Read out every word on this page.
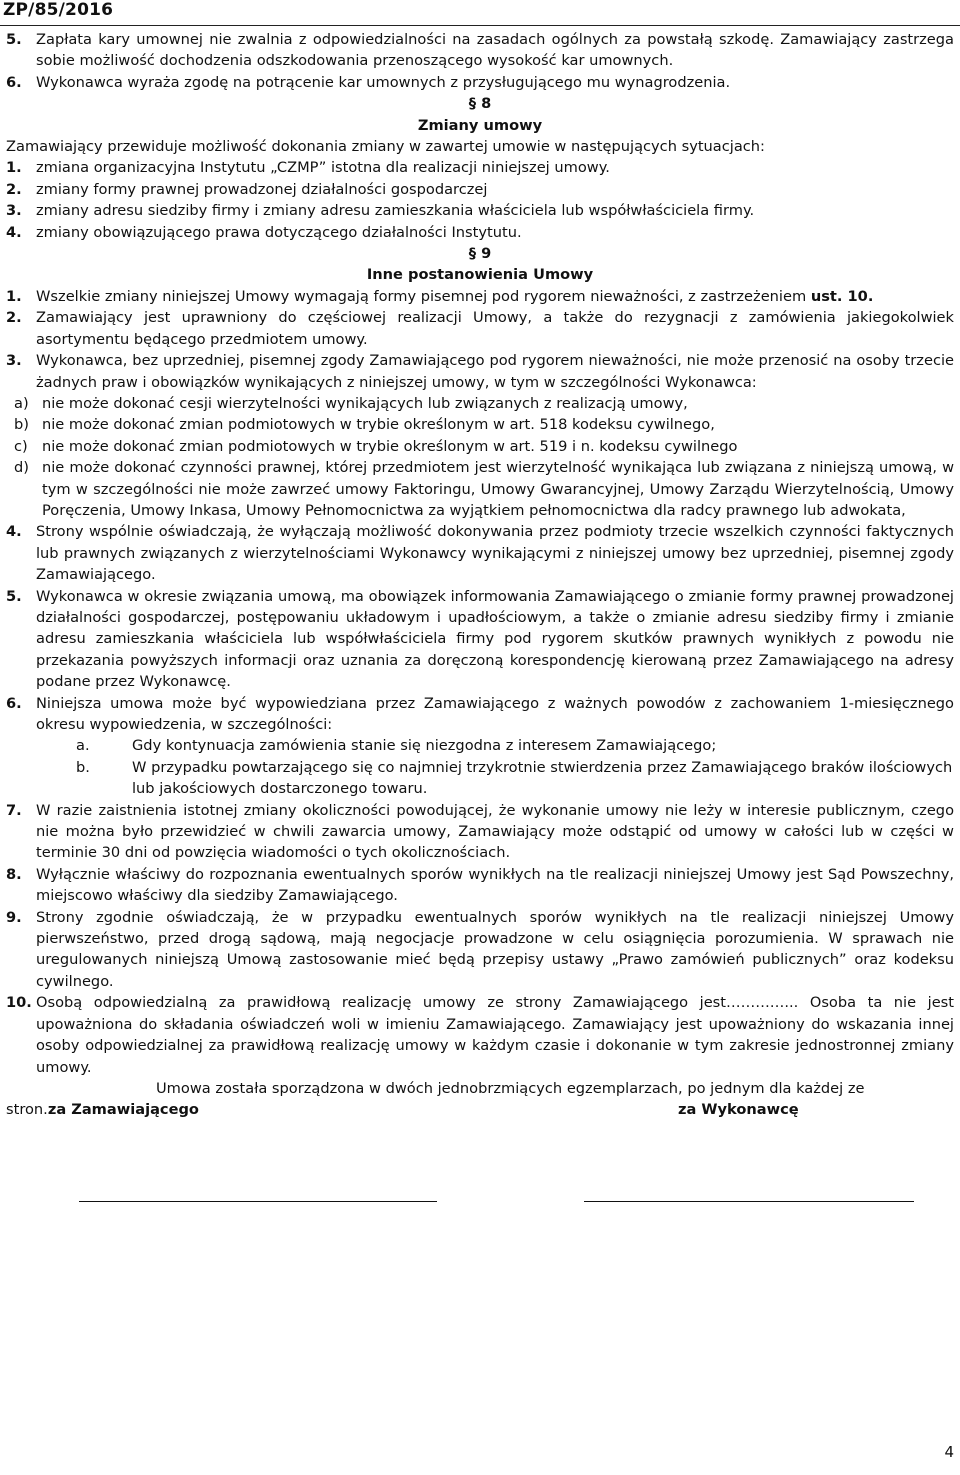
ZP/85/2016
5. Zapłata kary umownej nie zwalnia z odpowiedzialności na zasadach ogólnych za powstałą szkodę. Zamawiający zastrzega sobie możliwość dochodzenia odszkodowania przenoszącego wysokość kar umownych.
6. Wykonawca wyraża zgodę na potrącenie kar umownych z przysługującego mu wynagrodzenia.
§ 8
Zmiany umowy
Zamawiający przewiduje możliwość dokonania zmiany w zawartej umowie w następujących sytuacjach:
1. zmiana organizacyjna Instytutu „CZMP” istotna dla realizacji niniejszej umowy.
2. zmiany formy prawnej prowadzonej działalności gospodarczej
3. zmiany adresu siedziby firmy i zmiany adresu zamieszkania właściciela lub współwłaściciela firmy.
4. zmiany obowiązującego prawa dotyczącego działalności Instytutu.
§ 9
Inne postanowienia Umowy
1. Wszelkie zmiany niniejszej Umowy wymagają formy pisemnej pod rygorem nieważności, z zastrzeżeniem ust. 10.
2. Zamawiający jest uprawniony do częściowej realizacji Umowy, a także do rezygnacji z zamówienia jakiegokolwiek asortymentu będącego przedmiotem umowy.
3. Wykonawca, bez uprzedniej, pisemnej zgody Zamawiającego pod rygorem nieważności, nie może przenosić na osoby trzecie żadnych praw i obowiązków wynikających z niniejszej umowy, w tym w szczególności Wykonawca:
a) nie może dokonać cesji wierzytelności wynikających lub związanych z realizacją umowy,
b) nie może dokonać zmian podmiotowych w trybie określonym w art. 518 kodeksu cywilnego,
c) nie może dokonać zmian podmiotowych w trybie określonym w art. 519 i n. kodeksu cywilnego
d) nie może dokonać czynności prawnej, której przedmiotem jest wierzytelność wynikająca lub związana z niniejszą umową, w tym w szczególności nie może zawrzeć umowy Faktoringu, Umowy Gwarancyjnej, Umowy Zarządu Wierzytelnością, Umowy Poręczenia, Umowy Inkasa, Umowy Pełnomocnictwa za wyjątkiem pełnomocnictwa dla radcy prawnego lub adwokata,
4. Strony wspólnie oświadczają, że wyłączają możliwość dokonywania przez podmioty trzecie wszelkich czynności faktycznych lub prawnych związanych z wierzytelnościami Wykonawcy wynikającymi z niniejszej umowy bez uprzedniej, pisemnej zgody Zamawiającego.
5. Wykonawca w okresie związania umową, ma obowiązek informowania Zamawiającego o zmianie formy prawnej prowadzonej działalności gospodarczej, postępowaniu układowym i upadłościowym, a także o zmianie adresu siedziby firmy i zmianie adresu zamieszkania właściciela lub współwłaściciela firmy pod rygorem skutków prawnych wynikłych z powodu nie przekazania powyższych informacji oraz uznania za doręczoną korespondencję kierowaną przez Zamawiającego na adresy podane przez Wykonawcę.
6. Niniejsza umowa może być wypowiedziana przez Zamawiającego z ważnych powodów z zachowaniem 1-miesięcznego okresu wypowiedzenia, w szczególności:
a.	Gdy kontynuacja zamówienia stanie się niezgodna z interesem Zamawiającego;
b.	W przypadku powtarzającego się co najmniej trzykrotnie stwierdzenia przez Zamawiającego braków ilościowych lub jakościowych dostarczonego towaru.
7. W razie zaistnienia istotnej zmiany okoliczności powodującej, że wykonanie umowy nie leży w interesie publicznym, czego nie można było przewidzieć w chwili zawarcia umowy, Zamawiający może odstąpić od umowy w całości lub w części w terminie 30 dni od powzięcia wiadomości o tych okolicznościach.
8. Wyłącznie właściwy do rozpoznania ewentualnych sporów wynikłych na tle realizacji niniejszej Umowy jest Sąd Powszechny, miejscowo właściwy dla siedziby Zamawiającego.
9. Strony zgodnie oświadczają, że w przypadku ewentualnych sporów wynikłych na tle realizacji niniejszej Umowy pierwszeństwo, przed drogą sądową, mają negocjacje prowadzone w celu osiągnięcia porozumienia. W sprawach nie uregulowanych niniejszą Umową zastosowanie mieć będą przepisy ustawy „Prawo zamówień publicznych” oraz kodeksu cywilnego.
10. Osobą odpowiedzialną za prawidłową realizację umowy ze strony Zamawiającego jest…………... Osoba ta nie jest upoważniona do składania oświadczeń woli w imieniu Zamawiającego. Zamawiający jest upoważniony do wskazania innej osoby odpowiedzialnej za prawidłową realizację umowy w każdym czasie i dokonanie w tym zakresie jednostronnej zmiany umowy.
Umowa została sporządzona w dwóch jednobrzmiących egzemplarzach, po jednym dla każdej ze
stron.za Zamawiającego	za Wykonawcę
4
